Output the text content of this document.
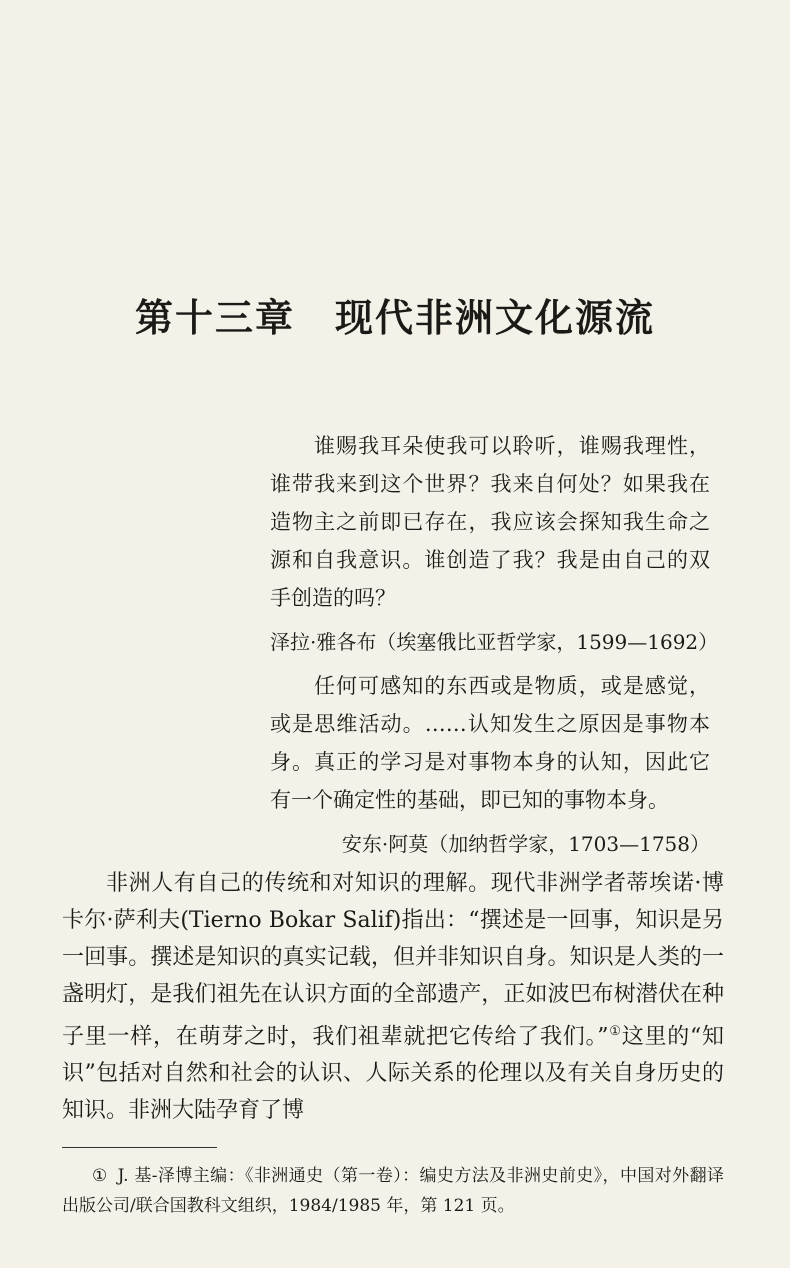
第十三章 现代非洲文化源流

谁赐我耳朵使我可以聆听，谁赐我理性，谁带我来到这个世界？我来自何处？如果我在造物主之前即已存在，我应该会探知我生命之源和自我意识。谁创造了我？我是由自己的双手创造的吗？

泽拉·雅各布（埃塞俄比亚哲学家，1599—1692）

任何可感知的东西或是物质，或是感觉，或是思维活动。……认知发生之原因是事物本身。真正的学习是对事物本身的认知，因此它有一个确定性的基础，即已知的事物本身。

安东·阿莫（加纳哲学家，1703—1758）

非洲人有自己的传统和对知识的理解。现代非洲学者蒂埃诺·博卡尔·萨利夫(Tierno Bokar Salif)指出：“撰述是一回事，知识是另一回事。撰述是知识的真实记载，但并非知识自身。知识是人类的一盏明灯，是我们祖先在认识方面的全部遗产，正如波巴布树潜伏在种子里一样，在萌芽之时，我们祖辈就把它传给了我们。”①这里的“知识”包括对自然和社会的认识、人际关系的伦理以及有关自身历史的知识。非洲大陆孕育了博

① J. 基-泽博主编：《非洲通史（第一卷）：编史方法及非洲史前史》，中国对外翻译出版公司/联合国教科文组织，1984/1985 年，第 121 页。
